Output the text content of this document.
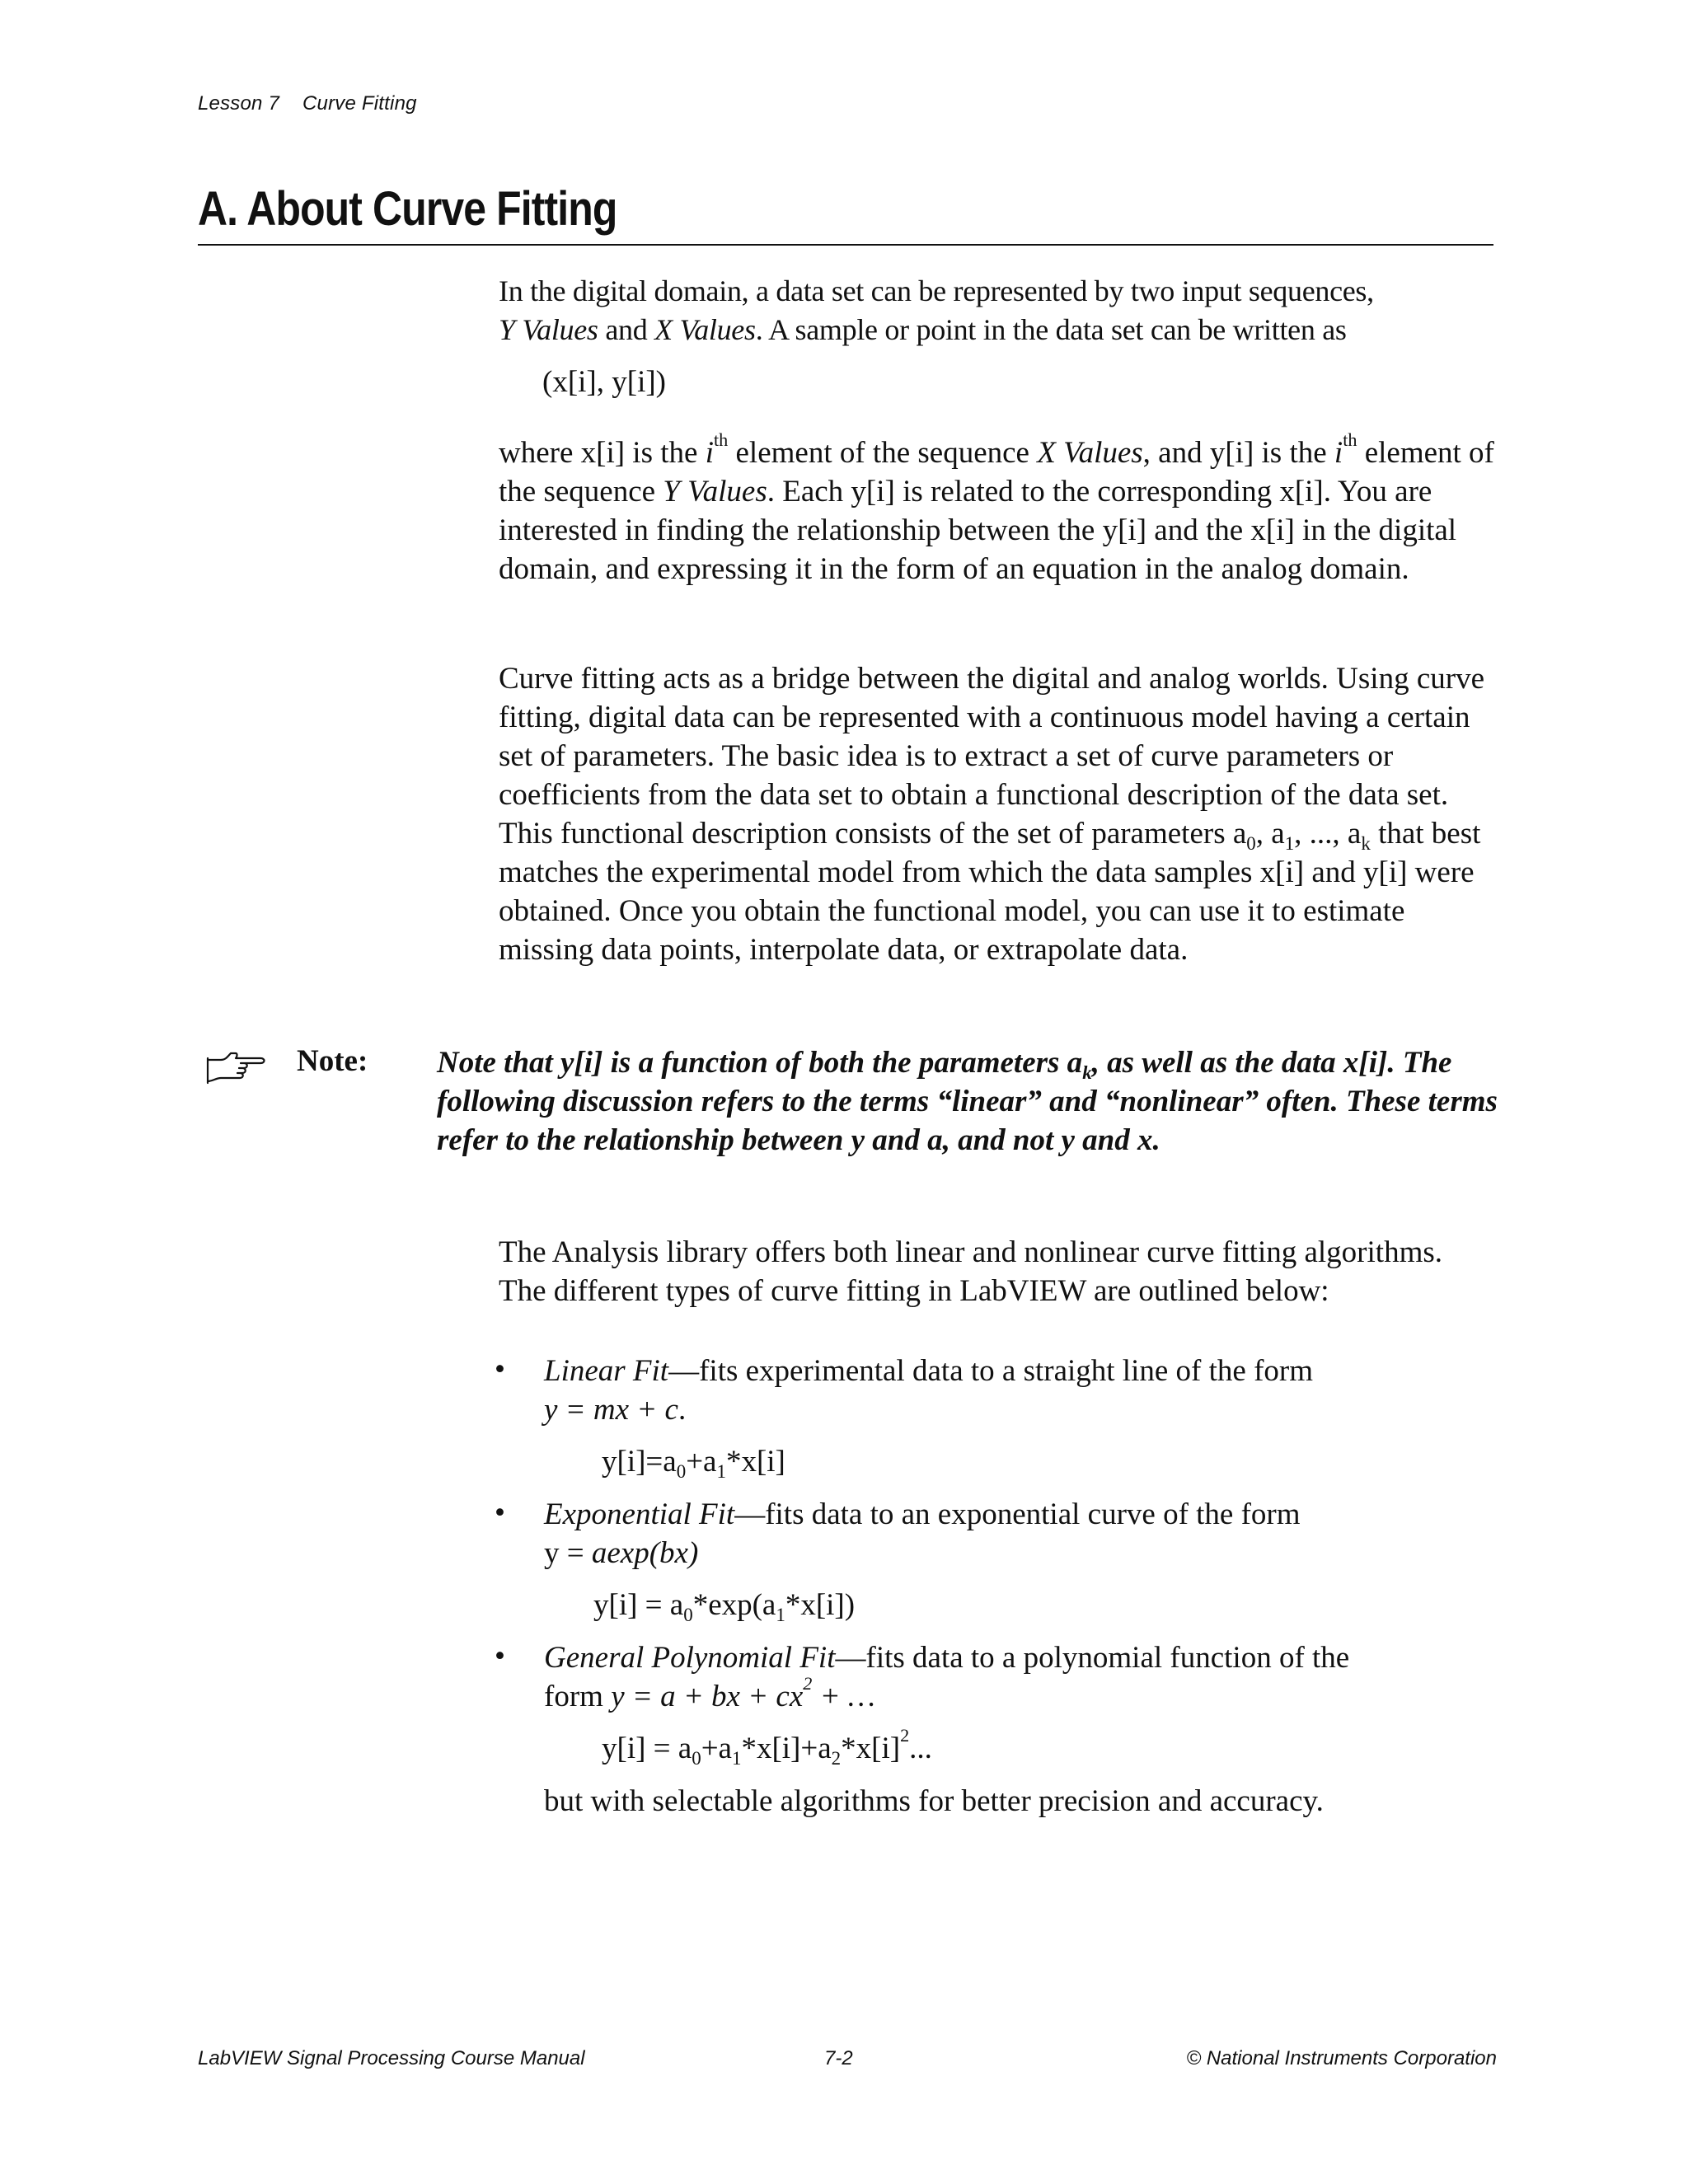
Lesson 7 Curve Fitting
A. About Curve Fitting

In the digital domain, a data set can be represented by two input sequences,
Y Values and X Values. A sample or point in the data set can be written as

(x[i], y[i])

where x[i] is the $i^{th}$ element of the sequence X Values, and y[i] is the $i^{th}$ element of the sequence Y Values. Each y[i] is related to the corresponding x[i]. You are interested in finding the relationship between the y[i] and the x[i] in the digital domain, and expressing it in the form of an equation in the analog domain.

Curve fitting acts as a bridge between the digital and analog worlds. Using curve fitting, digital data can be represented with a continuous model having a certain set of parameters. The basic idea is to extract a set of curve parameters or coefficients from the data set to obtain a functional description of the data set. This functional description consists of the set of parameters $a_0$, $a_1$, ..., $a_k$ that best matches the experimental model from which the data samples x[i] and y[i] were obtained. Once you obtain the functional model, you can use it to estimate missing data points, interpolate data, or extrapolate data.

Note: Note that y[i] is a function of both the parameters $a_k$, as well as the data x[i]. The following discussion refers to the terms “linear” and “nonlinear” often. These terms refer to the relationship between y and a, and not y and x.

The Analysis library offers both linear and nonlinear curve fitting algorithms. The different types of curve fitting in LabVIEW are outlined below:

• Linear Fit—fits experimental data to a straight line of the form
y = mx + c.

$y[i]=a_0+a_1*x[i]$
• Exponential Fit—fits data to an exponential curve of the form
y = aexp(bx)

$y[i] = a_0*\exp(a_1*x[i])$
• General Polynomial Fit—fits data to a polynomial function of the
form y = a + bx + $cx^2$ + …

$y[i] = a_0+a_1*x[i]+a_2*x[i]^2$...

but with selectable algorithms for better precision and accuracy.

LabVIEW Signal Processing Course Manual	7-2	© National Instruments Corporation
